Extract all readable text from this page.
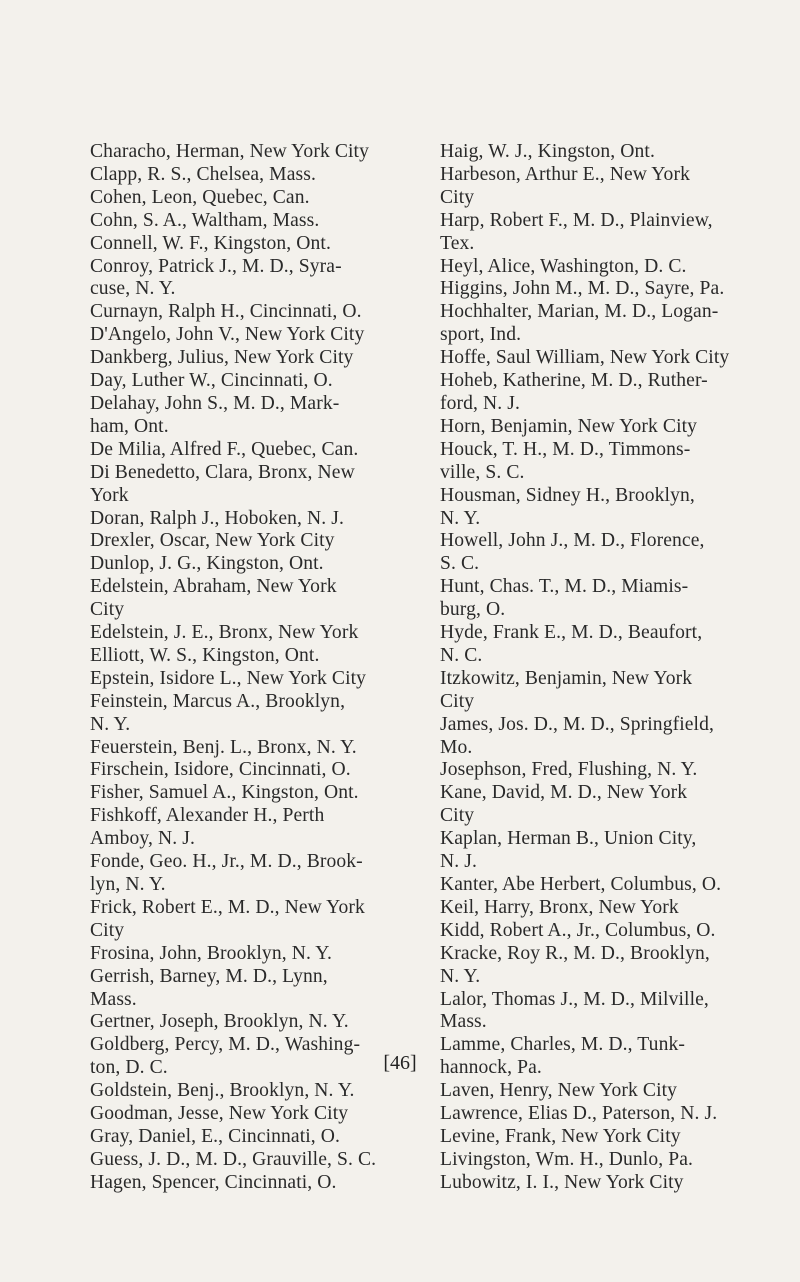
Characho, Herman, New York City

Clapp, R. S., Chelsea, Mass.

Cohen, Leon, Quebec, Can.

Cohn, S. A., Waltham, Mass.

Connell, W. F., Kingston, Ont.

Conroy, Patrick J., M. D., Syra-
cuse, N. Y.

Curnayn, Ralph H., Cincinnati, O.

D'Angelo, John V., New York City

Dankberg, Julius, New York City

Day, Luther W., Cincinnati, O.

Delahay, John S., M. D., Mark-
ham, Ont.

De Milia, Alfred F., Quebec, Can.

Di Benedetto, Clara, Bronx, New
York

Doran, Ralph J., Hoboken, N. J.

Drexler, Oscar, New York City

Dunlop, J. G., Kingston, Ont.

Edelstein, Abraham, New York
City

Edelstein, J. E., Bronx, New York

Elliott, W. S., Kingston, Ont.

Epstein, Isidore L., New York City

Feinstein, Marcus A., Brooklyn,
N. Y.

Feuerstein, Benj. L., Bronx, N. Y.

Firschein, Isidore, Cincinnati, O.

Fisher, Samuel A., Kingston, Ont.

Fishkoff, Alexander H., Perth
Amboy, N. J.

Fonde, Geo. H., Jr., M. D., Brook-
lyn, N. Y.

Frick, Robert E., M. D., New York
City

Frosina, John, Brooklyn, N. Y.

Gerrish, Barney, M. D., Lynn,
Mass.

Gertner, Joseph, Brooklyn, N. Y.

Goldberg, Percy, M. D., Washing-
ton, D. C.

Goldstein, Benj., Brooklyn, N. Y.

Goodman, Jesse, New York City

Gray, Daniel, E., Cincinnati, O.

Guess, J. D., M. D., Grauville, S. C.

Hagen, Spencer, Cincinnati, O.

Haig, W. J., Kingston, Ont.

Harbeson, Arthur E., New York
City

Harp, Robert F., M. D., Plainview,
Tex.

Heyl, Alice, Washington, D. C.

Higgins, John M., M. D., Sayre, Pa.

Hochhalter, Marian, M. D., Logan-
sport, Ind.

Hoffe, Saul William, New York City

Hoheb, Katherine, M. D., Ruther-
ford, N. J.

Horn, Benjamin, New York City

Houck, T. H., M. D., Timmons-
ville, S. C.

Housman, Sidney H., Brooklyn,
N. Y.

Howell, John J., M. D., Florence,
S. C.

Hunt, Chas. T., M. D., Miamis-
burg, O.

Hyde, Frank E., M. D., Beaufort,
N. C.

Itzkowitz, Benjamin, New York
City

James, Jos. D., M. D., Springfield,
Mo.

Josephson, Fred, Flushing, N. Y.

Kane, David, M. D., New York
City

Kaplan, Herman B., Union City,
N. J.

Kanter, Abe Herbert, Columbus, O.

Keil, Harry, Bronx, New York

Kidd, Robert A., Jr., Columbus, O.

Kracke, Roy R., M. D., Brooklyn,
N. Y.

Lalor, Thomas J., M. D., Milville,
Mass.

Lamme, Charles, M. D., Tunk-
hannock, Pa.

Laven, Henry, New York City

Lawrence, Elias D., Paterson, N. J.

Levine, Frank, New York City

Livingston, Wm. H., Dunlo, Pa.

Lubowitz, I. I., New York City

[46]
